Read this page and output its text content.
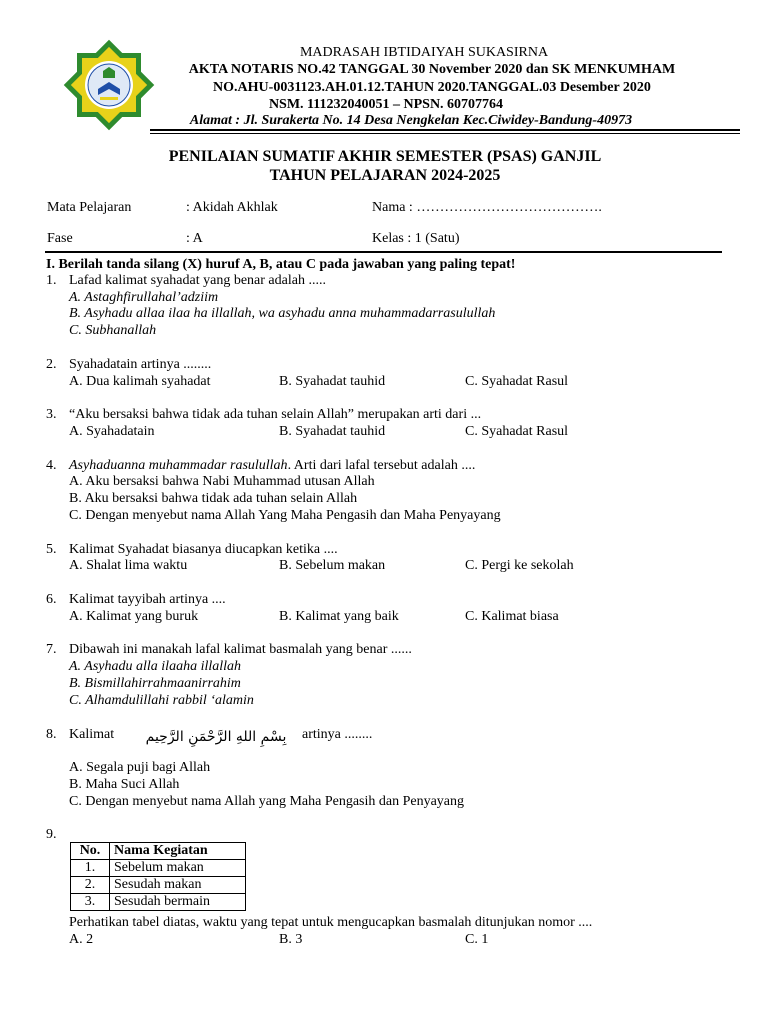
MADRASAH IBTIDAIYAH SUKASIRNA
AKTA NOTARIS NO.42 TANGGAL 30 November 2020 dan SK MENKUMHAM
NO.AHU-0031123.AH.01.12.TAHUN 2020.TANGGAL.03 Desember 2020
NSM. 111232040051 – NPSN. 60707764
Alamat : Jl. Surakerta No. 14 Desa Nengkelan Kec.Ciwidey-Bandung-40973
PENILAIAN SUMATIF AKHIR SEMESTER (PSAS) GANJIL
TAHUN PELAJARAN 2024-2025
Mata Pelajaran	: Akidah Akhlak	Nama : ………………………………….
Fase	: A	Kelas : 1 (Satu)
I. Berilah tanda silang (X) huruf A, B, atau C pada jawaban yang paling tepat!
1. Lafad kalimat syahadat yang benar adalah .....
A. Astaghfirullahal’adziim
B. Asyhadu allaa ilaa ha illallah, wa asyhadu anna muhammadarrasulullah
C. Subhanallah
2. Syahadatain artinya ........
A. Dua kalimah syahadat	B. Syahadat tauhid	C. Syahadat Rasul
3. “Aku bersaksi bahwa tidak ada tuhan selain Allah” merupakan arti dari ...
A. Syahadatain	B. Syahadat tauhid	C. Syahadat Rasul
4. Asyhaduanna muhammadar rasulullah. Arti dari lafal tersebut adalah ....
A. Aku bersaksi bahwa Nabi Muhammad utusan Allah
B. Aku bersaksi bahwa tidak ada tuhan selain Allah
C. Dengan menyebut nama Allah Yang Maha Pengasih dan Maha Penyayang
5. Kalimat Syahadat biasanya diucapkan ketika ....
A. Shalat lima waktu	B. Sebelum makan	C. Pergi ke sekolah
6. Kalimat tayyibah artinya ....
A. Kalimat yang buruk	B. Kalimat yang baik	C. Kalimat biasa
7. Dibawah ini manakah lafal kalimat basmalah yang benar ......
A. Asyhadu alla ilaaha illallah
B. Bismillahirrahmaanirrahim
C. Alhamdulillahi rabbil ‘alamin
8. Kalimat بِسْمِ اللهِ الرَّحْمَنِ الرَّحِيم artinya ........
A. Segala puji bagi Allah
B. Maha Suci Allah
C. Dengan menyebut nama Allah yang Maha Pengasih dan Penyayang
9.
No.	Nama Kegiatan
1.	Sebelum makan
2.	Sesudah makan
3.	Sesudah bermain
Perhatikan tabel diatas, waktu yang tepat untuk mengucapkan basmalah ditunjukan nomor ....
A. 2	B. 3	C. 1
